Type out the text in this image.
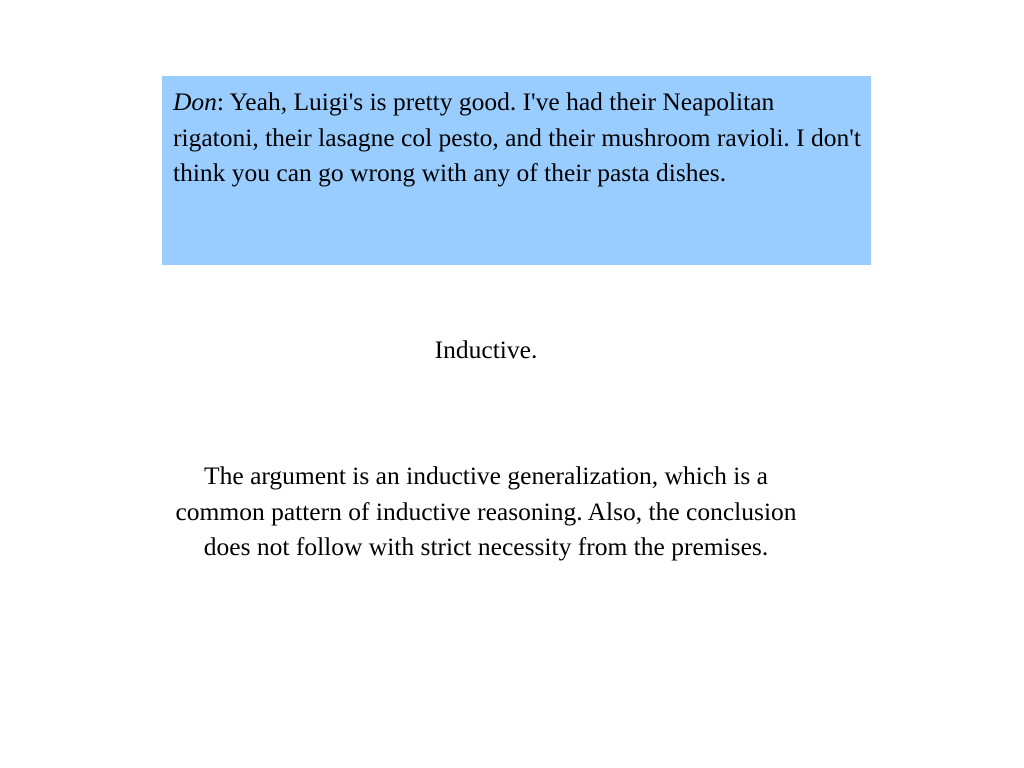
Don: Yeah, Luigi's is pretty good. I've had their Neapolitan rigatoni, their lasagne col pesto, and their mushroom ravioli. I don't think you can go wrong with any of their pasta dishes.
Inductive.
The argument is an inductive generalization, which is a common pattern of inductive reasoning. Also, the conclusion does not follow with strict necessity from the premises.
